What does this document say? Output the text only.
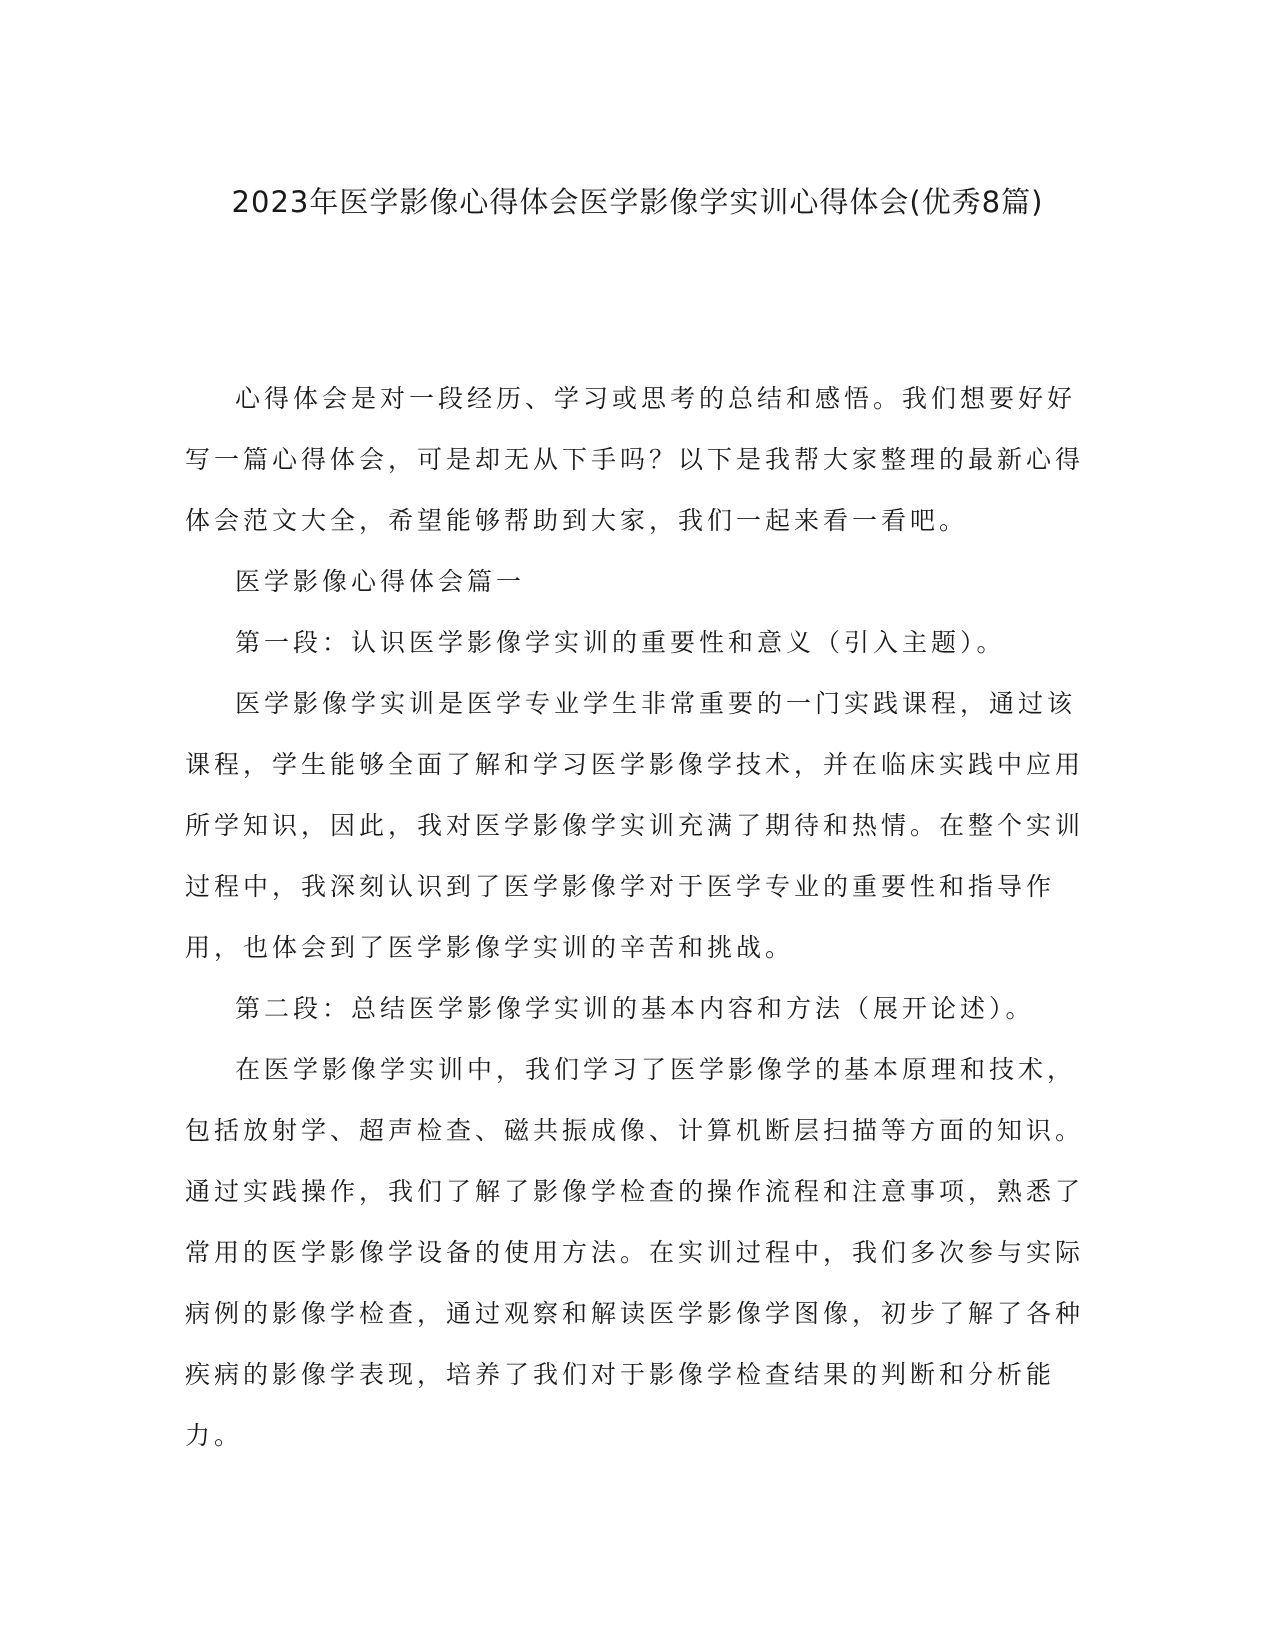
2023年医学影像心得体会医学影像学实训心得体会(优秀8篇)

心得体会是对一段经历、学习或思考的总结和感悟。我们想要好好写一篇心得体会，可是却无从下手吗？以下是我帮大家整理的最新心得体会范文大全，希望能够帮助到大家，我们一起来看一看吧。

医学影像心得体会篇一

第一段：认识医学影像学实训的重要性和意义（引入主题）。

医学影像学实训是医学专业学生非常重要的一门实践课程，通过该课程，学生能够全面了解和学习医学影像学技术，并在临床实践中应用所学知识，因此，我对医学影像学实训充满了期待和热情。在整个实训过程中，我深刻认识到了医学影像学对于医学专业的重要性和指导作用，也体会到了医学影像学实训的辛苦和挑战。

第二段：总结医学影像学实训的基本内容和方法（展开论述）。

在医学影像学实训中，我们学习了医学影像学的基本原理和技术，包括放射学、超声检查、磁共振成像、计算机断层扫描等方面的知识。通过实践操作，我们了解了影像学检查的操作流程和注意事项，熟悉了常用的医学影像学设备的使用方法。在实训过程中，我们多次参与实际病例的影像学检查，通过观察和解读医学影像学图像，初步了解了各种疾病的影像学表现，培养了我们对于影像学检查结果的判断和分析能力。
